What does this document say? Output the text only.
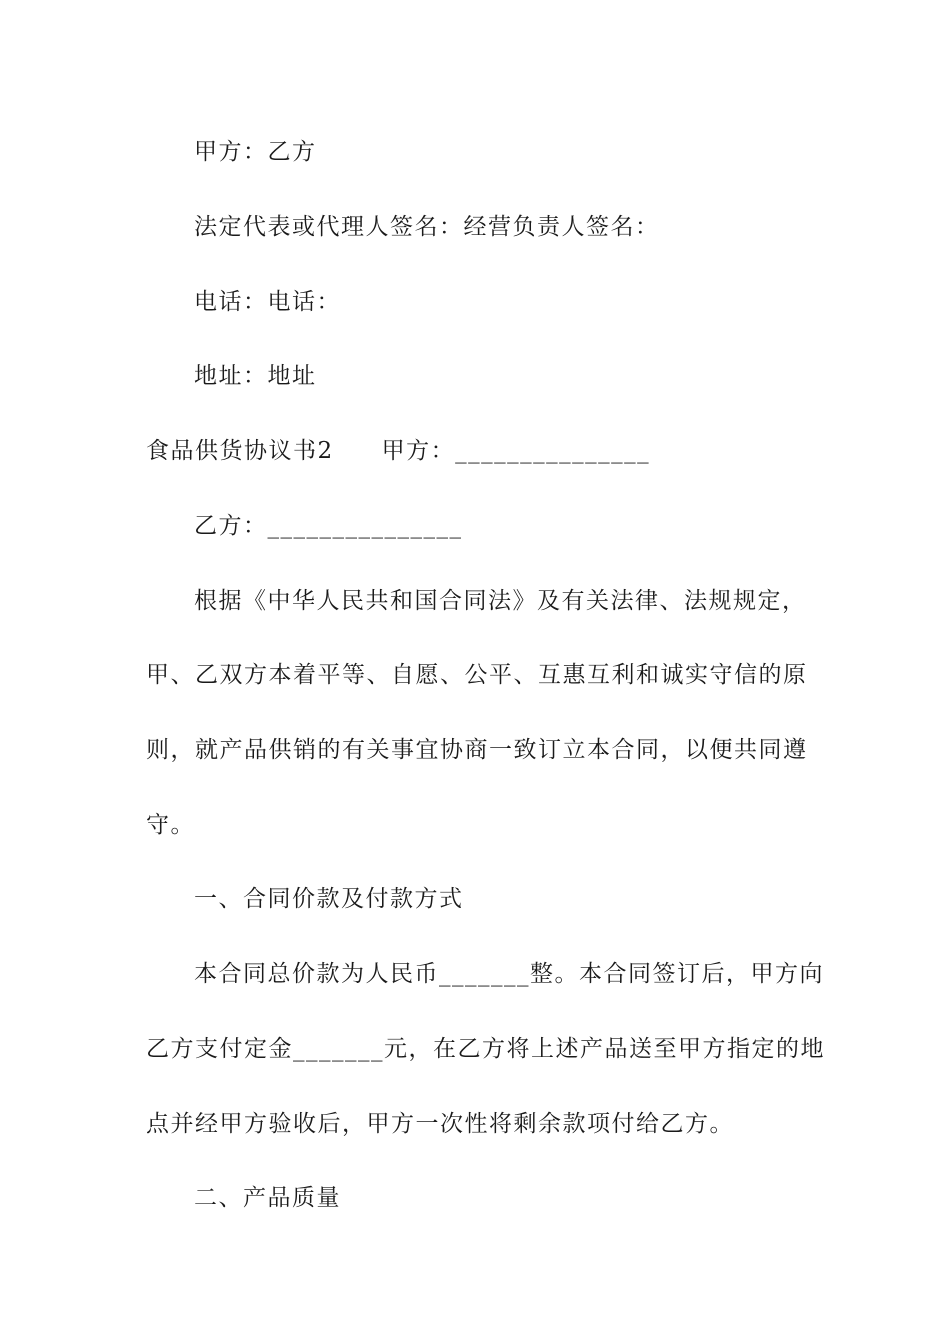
甲方：乙方
法定代表或代理人签名：经营负责人签名：
电话：电话：
地址：地址
食品供货协议书2 甲方：_______________
乙方：_______________
根据《中华人民共和国合同法》及有关法律、法规规定，
甲、乙双方本着平等、自愿、公平、互惠互利和诚实守信的原
则，就产品供销的有关事宜协商一致订立本合同，以便共同遵
守。
一、合同价款及付款方式
本合同总价款为人民币_______整。本合同签订后，甲方向
乙方支付定金_______元，在乙方将上述产品送至甲方指定的地
点并经甲方验收后，甲方一次性将剩余款项付给乙方。
二、产品质量
